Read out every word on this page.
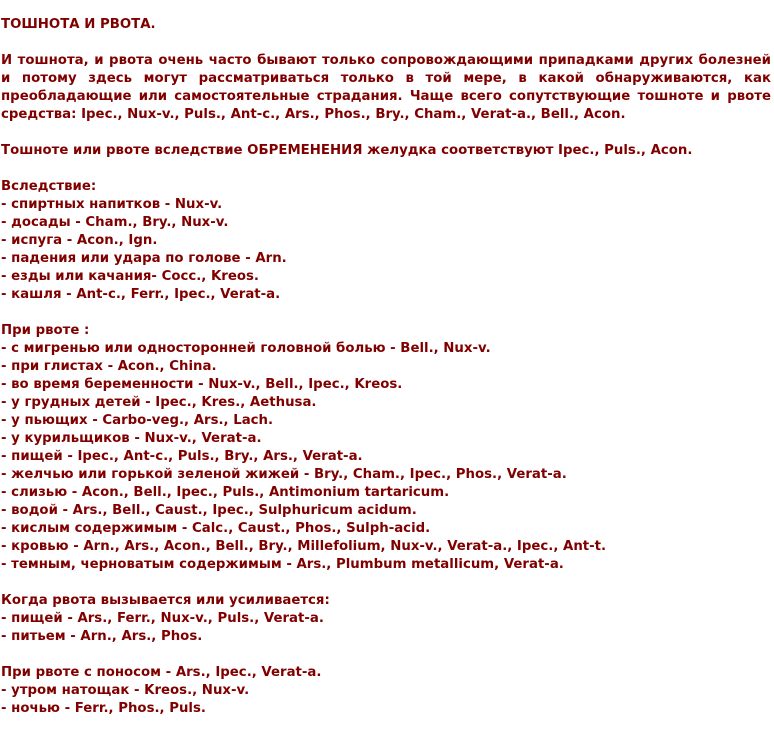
ТОШНОТА И РВОТА.

И тошнота, и рвота очень часто бывают только сопровождающими припадками других болезней и потому здесь могут рассматриваться только в той мере, в какой обнаруживаются, как преобладающие или самостоятельные страдания. Чаще всего сопутствующие тошноте и рвоте средства: Ipec., Nux-v., Puls., Ant-c., Ars., Phos., Bry., Cham., Verat-a., Bell., Acon.

Тошноте или рвоте вследствие ОБРЕМЕНЕНИЯ желудка соответствуют Ipec., Puls., Acon.
Вследствие:
- спиртных напитков - Nux-v.
- досады - Cham., Bry., Nux-v.
- испуга - Acon., Ign.
- падения или удара по голове - Arn.
- езды или качания- Cocc., Kreos.
- кашля - Ant-c., Ferr., Ipec., Verat-a.
При рвоте :
- с мигренью или односторонней головной болью - Bell., Nux-v.
- при глистах - Acon., China.
- во время беременности - Nux-v., Bell., Ipec., Kreos.
- у грудных детей - Ipec., Kres., Aethusa.
- у пьющих - Carbo-veg., Ars., Lach.
- у курильщиков - Nux-v., Verat-a.
- пищей - Ipec., Ant-c., Puls., Bry., Ars., Verat-a.
- желчью или горькой зеленой жижей - Bry., Cham., Ipec., Phos., Verat-a.
- слизью - Acon., Bell., Ipec., Puls., Antimonium tartaricum.
- водой - Ars., Bell., Caust., Ipec., Sulphuricum acidum.
- кислым содержимым - Calc., Caust., Phos., Sulph-acid.
- кровью - Arn., Ars., Acon., Bell., Bry., Millefolium, Nux-v., Verat-a., Ipec., Ant-t.
- темным, черноватым содержимым - Ars., Plumbum metallicum, Verat-a.
Когда рвота вызывается или усиливается:
- пищей - Ars., Ferr., Nux-v., Puls., Verat-a.
- питьем - Arn., Ars., Phos.
При рвоте с поносом - Ars., Ipec., Verat-a.
- утром натощак - Kreos., Nux-v.
- ночью - Ferr., Phos., Puls.
